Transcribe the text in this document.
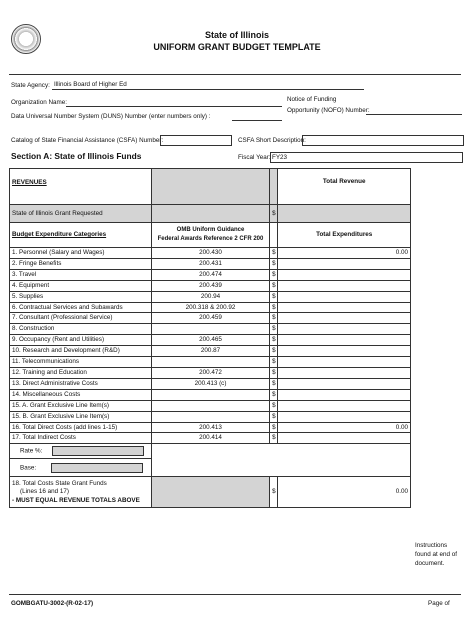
State of Illinois
UNIFORM GRANT BUDGET TEMPLATE
State Agency: Illinois Board of Higher Ed
Organization Name:	Notice of Funding
Opportunity (NOFO) Number:
Data Universal Number System (DUNS) Number (enter numbers only) :
Catalog of State Financial Assistance (CSFA) Number:	CSFA Short Description:
Section A: State of Illinois Funds	Fiscal Year: FY23
REVENUES			Total Revenue
State of Illinois Grant Requested		$	
Budget Expenditure Categories	OMB Uniform Guidance
Federal Awards Reference 2 CFR 200		Total Expenditures
1. Personnel (Salary and Wages)	200.430	$	0.00
2. Fringe Benefits	200.431	$	
3. Travel	200.474	$	
4. Equipment	200.439	$	
5. Supplies	200.94	$	
6. Contractual Services and Subawards	200.318 & 200.92	$	
7. Consultant (Professional Service)	200.459	$	
8. Construction		$	
9. Occupancy (Rent and Utilities)	200.465	$	
10. Research and Development (R&D)	200.87	$	
11. Telecommunications		$	
12. Training and Education	200.472	$	
13. Direct Administrative Costs	200.413 (c)	$	
14. Miscellaneous Costs		$	
15. A. Grant Exclusive Line Item(s)		$	
15. B. Grant Exclusive Line Item(s)		$	
16. Total Direct Costs (add lines 1-15)	200.413	$	0.00
17. Total Indirect Costs	200.414	$	
Rate %:			
Base:			

18. Total Costs State Grant Funds
(Lines 16 and 17)
- MUST EQUAL REVENUE TOTALS ABOVE		$	0.00
Instructions
found at end of
document.
GOMBGATU-3002-(R-02-17)	Page of
